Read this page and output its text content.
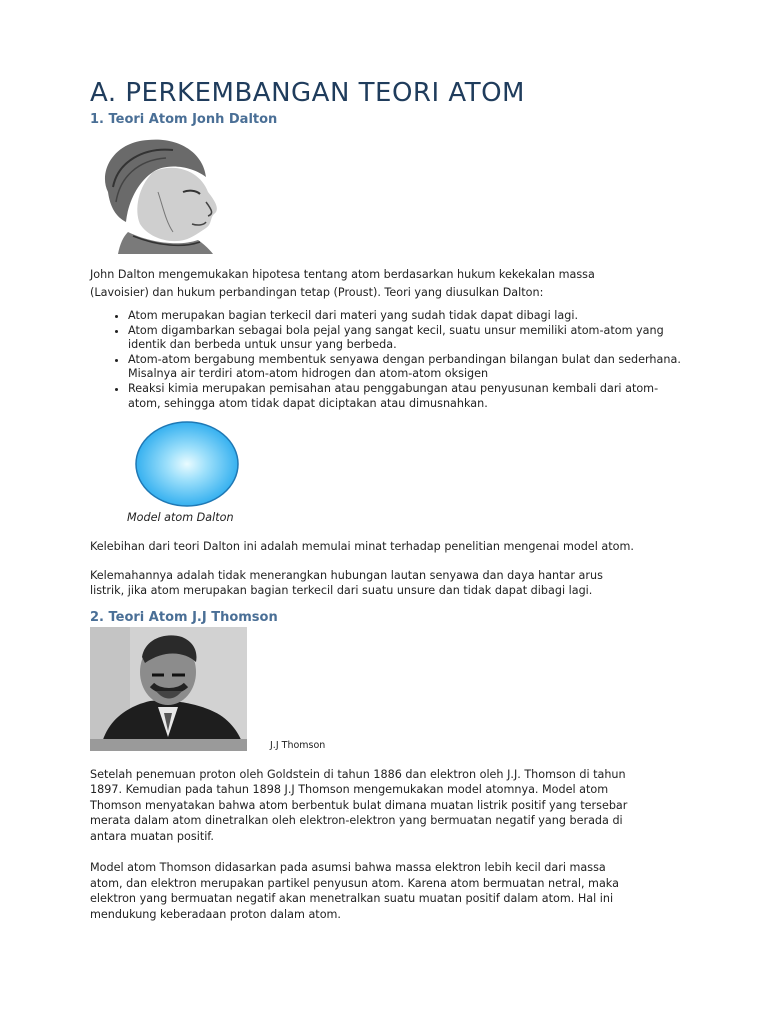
A. PERKEMBANGAN TEORI ATOM
1. Teori Atom Jonh Dalton

John Dalton mengemukakan hipotesa tentang atom berdasarkan hukum kekekalan massa

(Lavoisier) dan hukum perbandingan tetap (Proust). Teori yang diusulkan Dalton:

• Atom merupakan bagian terkecil dari materi yang sudah tidak dapat dibagi lagi.
• Atom digambarkan sebagai bola pejal yang sangat kecil, suatu unsur memiliki atom-atom yang identik dan berbeda untuk unsur yang berbeda.
• Atom-atom bergabung membentuk senyawa dengan perbandingan bilangan bulat dan sederhana. Misalnya air terdiri atom-atom hidrogen dan atom-atom oksigen
• Reaksi kimia merupakan pemisahan atau penggabungan atau penyusunan kembali dari atom-atom, sehingga atom tidak dapat diciptakan atau dimusnahkan.

Model atom Dalton

Kelebihan dari teori Dalton ini adalah memulai minat terhadap penelitian mengenai model atom.

Kelemahannya adalah tidak menerangkan hubungan lautan senyawa dan daya hantar arus

listrik, jika atom merupakan bagian terkecil dari suatu unsure dan tidak dapat dibagi lagi.

2. Teori Atom J.J Thomson

J.J Thomson

Setelah penemuan proton oleh Goldstein di tahun 1886 dan elektron oleh J.J. Thomson di tahun

1897. Kemudian pada tahun 1898 J.J Thomson mengemukakan model atomnya. Model atom

Thomson menyatakan bahwa atom berbentuk bulat dimana muatan listrik positif yang tersebar

merata dalam atom dinetralkan oleh elektron-elektron yang bermuatan negatif yang berada di

antara muatan positif.

Model atom Thomson didasarkan pada asumsi bahwa massa elektron lebih kecil dari massa

atom, dan elektron merupakan partikel penyusun atom. Karena atom bermuatan netral, maka

elektron yang bermuatan negatif akan menetralkan suatu muatan positif dalam atom. Hal ini

mendukung keberadaan proton dalam atom.
